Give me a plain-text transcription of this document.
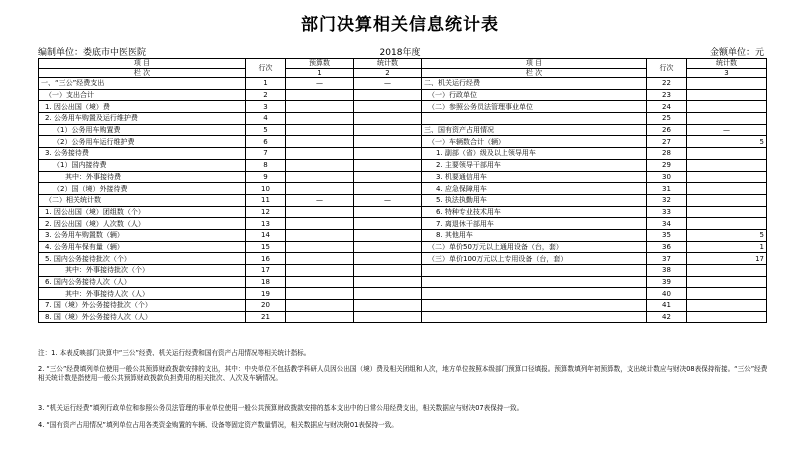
部门决算相关信息统计表
编制单位：娄底市中医医院	2018年度	金额单位：元
项 目	行次	预算数	统计数	项 目	行次	统计数
栏 次		1	2	栏 次		3

一、“三公”经费支出	1	—	—	二、机关运行经费	22	
（一）支出合计	2			（一）行政单位	23	
1. 因公出国（境）费	3			（二）参照公务员法管理事业单位	24	
2. 公务用车购置及运行维护费	4				25	
（1）公务用车购置费	5			三、国有资产占用情况	26	—
（2）公务用车运行维护费	6			（一）车辆数合计（辆）	27	5
3. 公务接待费	7			1. 副部（省）级及以上领导用车	28	
（1）国内接待费	8			2. 主要领导干部用车	29	
其中：外事接待费	9			3. 机要通信用车	30	
（2）国（境）外接待费	10			4. 应急保障用车	31	
（二）相关统计数	11	—	—	5. 执法执勤用车	32	
1. 因公出国（境）团组数（个）	12			6. 特种专业技术用车	33	
2. 因公出国（境）人次数（人）	13			7. 离退休干部用车	34	
3. 公务用车购置数（辆）	14			8. 其他用车	35	5
4. 公务用车保有量（辆）	15			（二）单价50万元以上通用设备（台，套）	36	1
5. 国内公务接待批次（个）	16			（三）单价100万元以上专用设备（台，套）	37	17
其中：外事接待批次（个）	17				38	
6. 国内公务接待人次（人）	18				39	
其中：外事接待人次（人）	19				40	
7. 国（境）外公务接待批次（个）	20				41	
8. 国（境）外公务接待人次（人）	21				42	

注：1. 本表反映部门决算中“三公”经费、机关运行经费和国有资产占用情况等相关统计指标。

2. “三公”经费填列单位使用一般公共预算财政拨款安排的支出，其中：中央单位不包括教学科研人员因公出国（境）费及相关团组和人次，地方单位按照本级部门预算口径填报。预算数填列年初预算数，支出统计数应与财决08表保持衔接。“三公”经费相关统计数是指使用一般公共预算财政拨款负担费用的相关批次、人次及车辆情况。

3. “机关运行经费”填列行政单位和参照公务员法管理的事业单位使用一般公共预算财政拨款安排的基本支出中的日常公用经费支出，相关数据应与财决07表保持一致。

4. “国有资产占用情况”填列单位占用各类资金购置的车辆、设备等固定资产数量情况，相关数据应与财决附01表保持一致。
